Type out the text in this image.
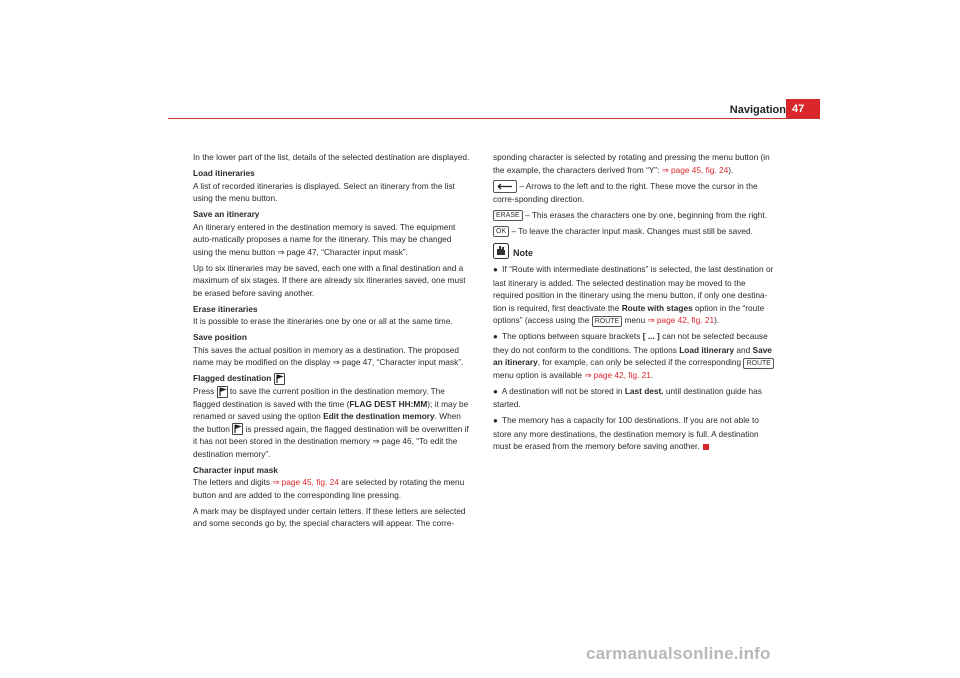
Navigation 47

In the lower part of the list, details of the selected destination are displayed.

Load itineraries

A list of recorded itineraries is displayed. Select an itinerary from the list using the menu button.

Save an itinerary

An itinerary entered in the destination memory is saved. The equipment auto-matically proposes a name for the itinerary. This may be changed using the menu button ⇒ page 47, “Character input mask”.

Up to six itineraries may be saved, each one with a final destination and a maximum of six stages. If there are already six itineraries saved, one must be erased before saving another.

Erase itineraries

It is possible to erase the itineraries one by one or all at the same time.

Save position

This saves the actual position in memory as a destination. The proposed name may be modified on the display ⇒ page 47, “Character input mask”.

Flagged destination

Press to save the current position in the destination memory. The flagged destination is saved with the time (FLAG DEST HH:MM); it may be renamed or saved using the option Edit the destination memory. When the button is pressed again, the flagged destination will be overwritten if it has not been stored in the destination memory ⇒ page 46, “To edit the destination memory”.

Character input mask

The letters and digits ⇒ page 45, fig. 24 are selected by rotating the menu button and are added to the corresponding line pressing.

A mark may be displayed under certain letters. If these letters are selected and some seconds go by, the special characters will appear. The corre-

sponding character is selected by rotating and pressing the menu button (in the example, the characters derived from “Y”: ⇒ page 45, fig. 24).

– Arrows to the left and to the right. These move the cursor in the corre-sponding direction.

ERASE – This erases the characters one by one, beginning from the right.

OK – To leave the character input mask. Changes must still be saved.

Note

● If “Route with intermediate destinations” is selected, the last destination or last itinerary is added. The selected destination may be moved to the required position in the itinerary using the menu button, if only one destina-tion is required, first deactivate the Route with stages option in the “route options” (access using the ROUTE menu ⇒ page 42, fig. 21).

● The options between square brackets [ ... ] can not be selected because they do not conform to the conditions. The options Load itinerary and Save an itinerary, for example, can only be selected if the corresponding ROUTE menu option is available ⇒ page 42, fig. 21.

● A destination will not be stored in Last dest. until destination guide has started.

● The memory has a capacity for 100 destinations. If you are not able to store any more destinations, the destination memory is full. A destination must be erased from the memory before saving another.

carmanualsonline.info
